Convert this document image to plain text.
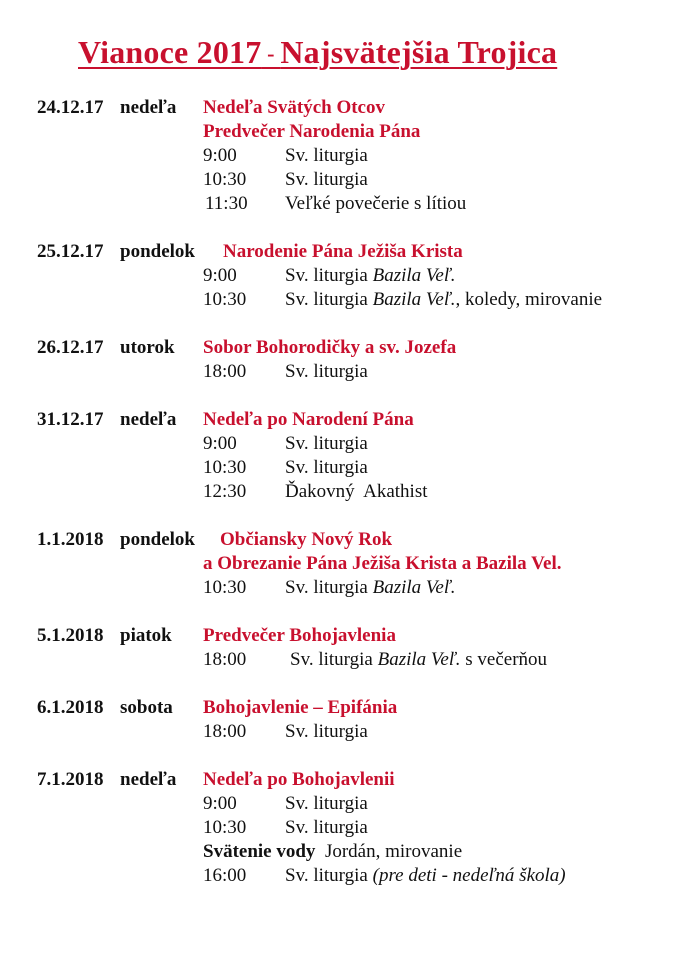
Vianoce 2017 - Najsvätejšia Trojica
24.12.17 nedeľa Nedeľa Svätých Otcov
Predvečer Narodenia Pána
9:00	Sv. liturgia
10:30 Sv. liturgia
11:30 Veľké povečerie s lítiou
25.12.17 pondelok Narodenie Pána Ježiša Krista
9:00	Sv. liturgia Bazila Veľ.
10:30 Sv. liturgia Bazila Veľ., koledy, mirovanie
26.12.17 utorok Sobor Bohorodičky a sv. Jozefa
18:00 Sv. liturgia
31.12.17 nedeľa Nedeľa po Narodení Pána
9:00	Sv. liturgia
10:30 Sv. liturgia
12:30 Ďakovný  Akathist
1.1.2018 pondelok Občiansky Nový Rok
a Obrezanie Pána Ježiša Krista a Bazila Vel.
10:30 Sv. liturgia Bazila Veľ.
5.1.2018 piatok Predvečer Bohojavlenia
18:00 Sv. liturgia Bazila Veľ. s večerňou
6.1.2018 sobota Bohojavlenie – Epifánia
18:00 Sv. liturgia
7.1.2018 nedeľa Nedeľa po Bohojavlenii
9:00	Sv. liturgia
10:30 Sv. liturgia
Svätenie vody  Jordán, mirovanie
16:00 Sv. liturgia (pre deti - nedeľná škola)
